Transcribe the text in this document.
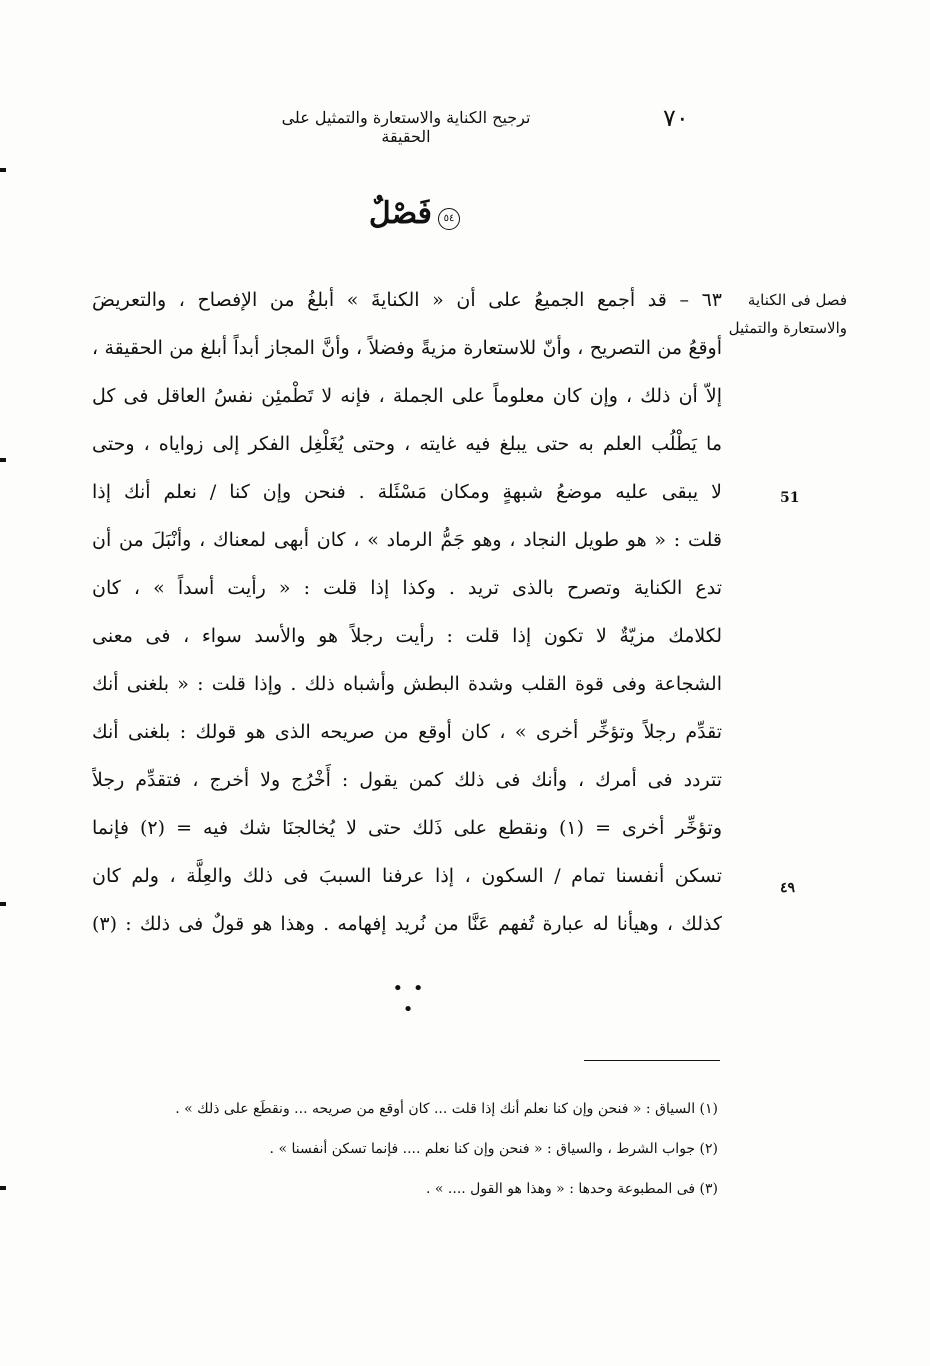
٧٠
ترجيح الكناية والاستعارة والتمثيل على الحقيقة
٥٤فَصْلٌ
فصل فى الكناية
والاستعارة والتمثيل
51
٤٩
٦٣ – قد أجمع الجميعُ على أن « الكنايةَ » أبلغُ من الإفصاح ، والتعريضَ
أوقعُ من التصريح ، وأنّ للاستعارة مزيةً وفضلاً ، وأنَّ المجاز أبداً أبلغ من الحقيقة ،
إلاّ أن ذلك ، وإن كان معلوماً على الجملة ، فإنه لا تَطْمئِن نفسُ العاقل فى كل
ما يَطْلُب العلم به حتى يبلغ فيه غايته ، وحتى يُغَلْغِل الفكر إلى زواياه ، وحتى
لا يبقى عليه موضعُ شبهةٍ ومكان مَسْئَلة . فنحن وإن كنا / نعلم أنك إذا
قلت : « هو طويل النجاد ، وهو جَمُّ الرماد » ، كان أبهى لمعناك ، وأنْبَلَ من أن
تدع الكناية وتصرح بالذى تريد . وكذا إذا قلت : « رأيت أسداً » ، كان
لكلامك مزيّةٌ لا تكون إذا قلت : رأيت رجلاً هو والأسد سواء ، فى معنى
الشجاعة وفى قوة القلب وشدة البطش وأشباه ذلك . وإذا قلت : « بلغنى أنك
تقدِّم رجلاً وتؤخِّر أخرى » ، كان أوقع من صريحه الذى هو قولك : بلغنى أنك
تتردد فى أمرك ، وأنك فى ذلك كمن يقول : أَخْرُج ولا أخرج ، فتقدِّم رجلاً
وتؤخِّر أخرى = (١) ونقطع على ذَلك حتى لا يُخالجنَا شك فيه = (٢) فإنما
تسكن أنفسنا تمام / السكون ، إذا عرفنا السببَ فى ذلك والعِلَّة ، ولم كان
كذلك ، وهيأنا له عبارة تُفهم عَنَّا من نُريد إفهامه . وهذا هو قولٌ فى ذلك : (٣)
• • •
(١) السياق : « فنحن وإن كنا نعلم أنك إذا قلت ... كان أوقع من صريحه ... ونقطَع على ذلك » .
(٢) جواب الشرط ، والسياق : « فنحن وإن كنا نعلم .... فإنما تسكن أنفسنا » .
(٣) فى المطبوعة وحدها : « وهذا هو القول .... » .
